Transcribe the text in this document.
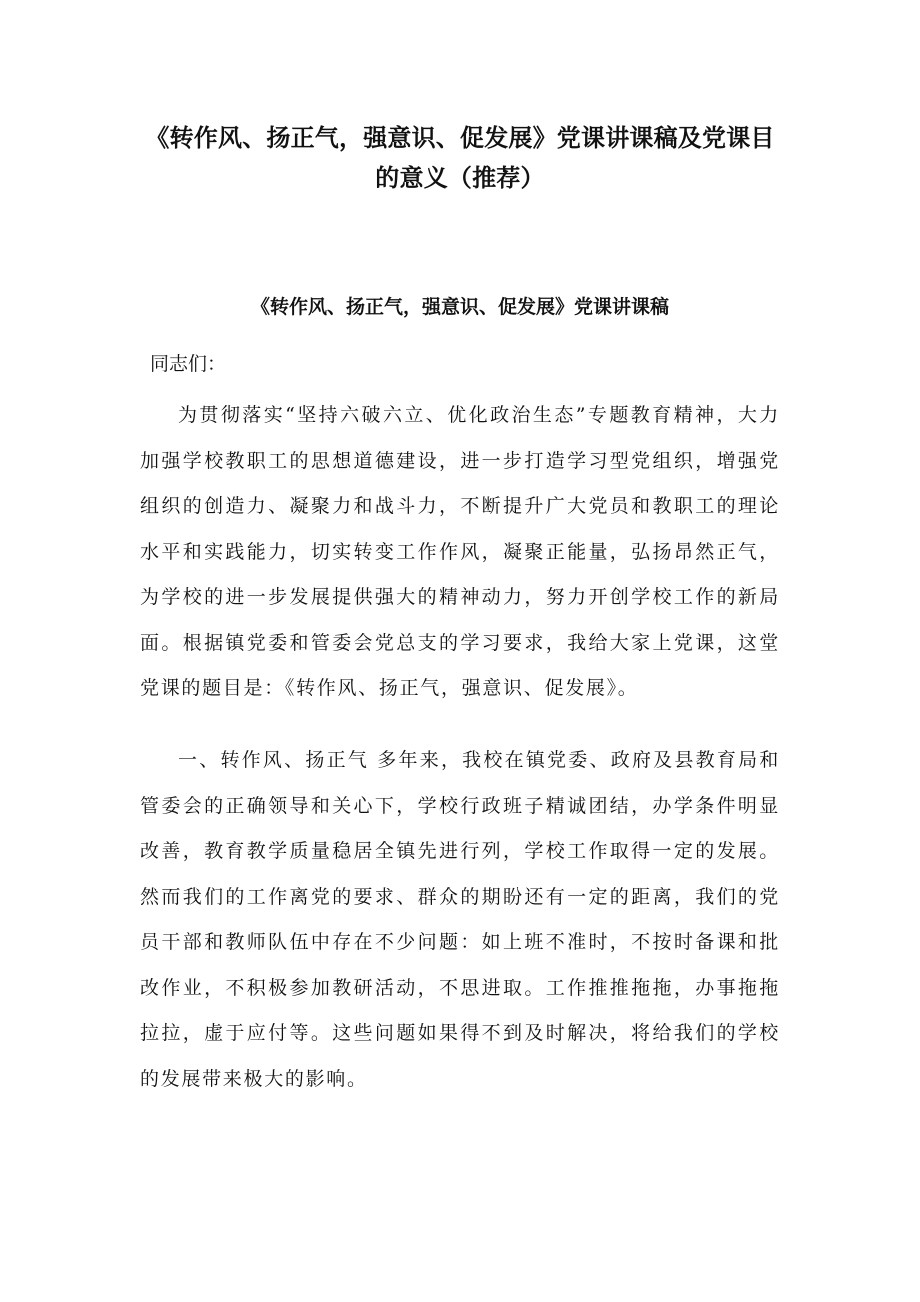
《转作风、扬正气，强意识、促发展》党课讲课稿及党课目的意义（推荐）
《转作风、扬正气，强意识、促发展》党课讲课稿

同志们：

为贯彻落实“坚持六破六立、优化政治生态”专题教育精神，大力加强学校教职工的思想道德建设，进一步打造学习型党组织，增强党组织的创造力、凝聚力和战斗力，不断提升广大党员和教职工的理论水平和实践能力，切实转变工作作风，凝聚正能量，弘扬昂然正气，为学校的进一步发展提供强大的精神动力，努力开创学校工作的新局面。根据镇党委和管委会党总支的学习要求，我给大家上党课，这堂党课的题目是：《转作风、扬正气，强意识、促发展》。

一、转作风、扬正气 多年来，我校在镇党委、政府及县教育局和管委会的正确领导和关心下，学校行政班子精诚团结，办学条件明显改善，教育教学质量稳居全镇先进行列，学校工作取得一定的发展。然而我们的工作离党的要求、群众的期盼还有一定的距离，我们的党员干部和教师队伍中存在不少问题：如上班不准时，不按时备课和批改作业，不积极参加教研活动，不思进取。工作推推拖拖，办事拖拖拉拉，虚于应付等。这些问题如果得不到及时解决，将给我们的学校的发展带来极大的影响。
